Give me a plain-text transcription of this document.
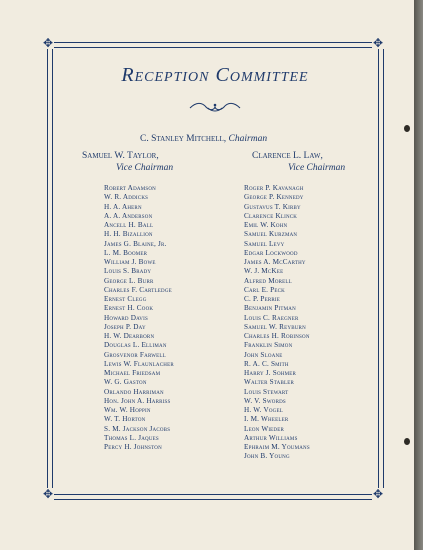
✥	✥
✥	✥
Reception Committee
C. Stanley Mitchell, Chairman
Samuel W. Taylor,
Vice Chairman
Clarence L. Law,
Vice Chairman
Robert Adamson
W. R. Addicks
H. A. Ahern
A. A. Anderson
Ancell H. Ball
H. H. Bizallion
James G. Blaine, Jr.
L. M. Boomer
William J. Bowe
Louis S. Brady
George L. Burr
Charles F. Cartledge
Ernest Clegg
Ernest H. Cook
Howard Davis
Joseph P. Day
H. W. Dearborn
Douglas L. Elliman
Grosvenor Farwell
Lewis W. Flaunlacher
Michael Friedsam
W. G. Gaston
Orlando Harriman
Hon. John A. Harriss
Wm. W. Hoppin
W. T. Horton
S. M. Jackson Jacobs
Thomas L. Jaques
Percy H. Johnston
Roger P. Kavanagh
George P. Kennedy
Gustavus T. Kirby
Clarence Klinck
Emil W. Kohn
Samuel Kurzman
Samuel Levy
Edgar Lockwood
James A. McCarthy
W. J. McKee
Alfred Morell
Carl E. Peck
C. P. Perrie
Benjamin Pitman
Louis C. Raegner
Samuel W. Reyburn
Charles H. Robinson
Franklin Simon
John Sloane
R. A. C. Smith
Harry J. Sohmer
Walter Stabler
Louis Stewart
W. V. Swords
H. W. Vogel
I. M. Wheeler
Leon Wieder
Arthur Williams
Ephraim M. Youmans
John B. Young
